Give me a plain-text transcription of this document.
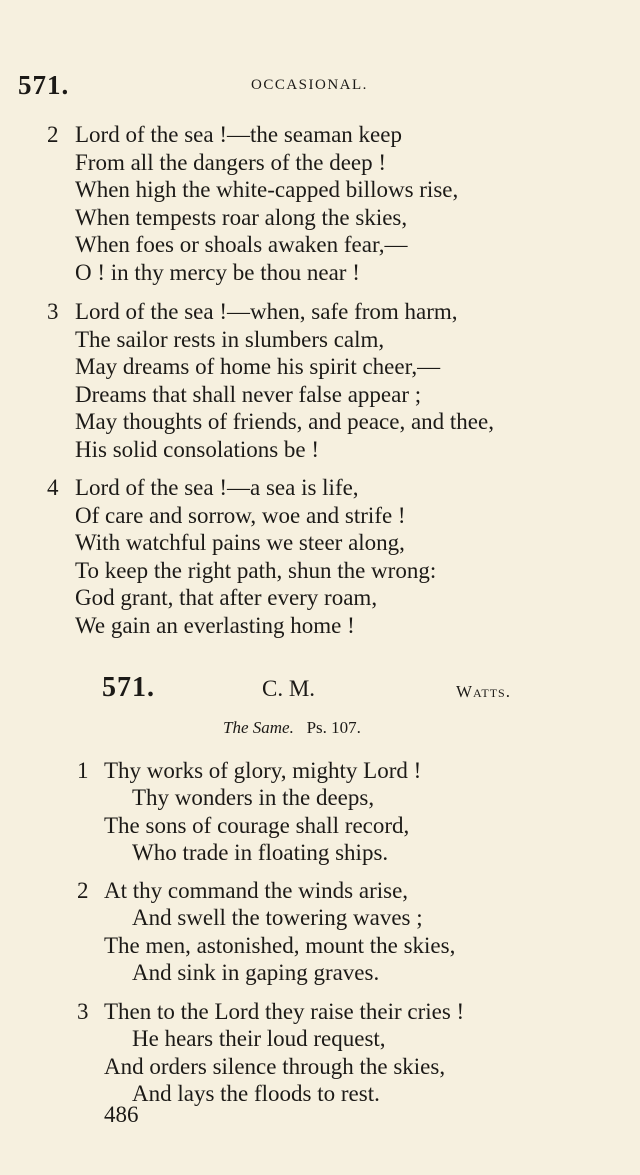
571.	OCCASIONAL.
2 Lord of the sea !—the seaman keep
From all the dangers of the deep !
When high the white-capped billows rise,
When tempests roar along the skies,
When foes or shoals awaken fear,—
O ! in thy mercy be thou near !
3 Lord of the sea !—when, safe from harm,
The sailor rests in slumbers calm,
May dreams of home his spirit cheer,—
Dreams that shall never false appear ;
May thoughts of friends, and peace, and thee,
His solid consolations be !
4 Lord of the sea !—a sea is life,
Of care and sorrow, woe and strife !
With watchful pains we steer along,
To keep the right path, shun the wrong:
God grant, that after every roam,
We gain an everlasting home !
571.	C. M.	Watts.
The Same. Ps. 107.
1 Thy works of glory, mighty Lord !
Thy wonders in the deeps,
The sons of courage shall record,
Who trade in floating ships.
2 At thy command the winds arise,
And swell the towering waves ;
The men, astonished, mount the skies,
And sink in gaping graves.
3 Then to the Lord they raise their cries !
He hears their loud request,
And orders silence through the skies,
And lays the floods to rest.
486
